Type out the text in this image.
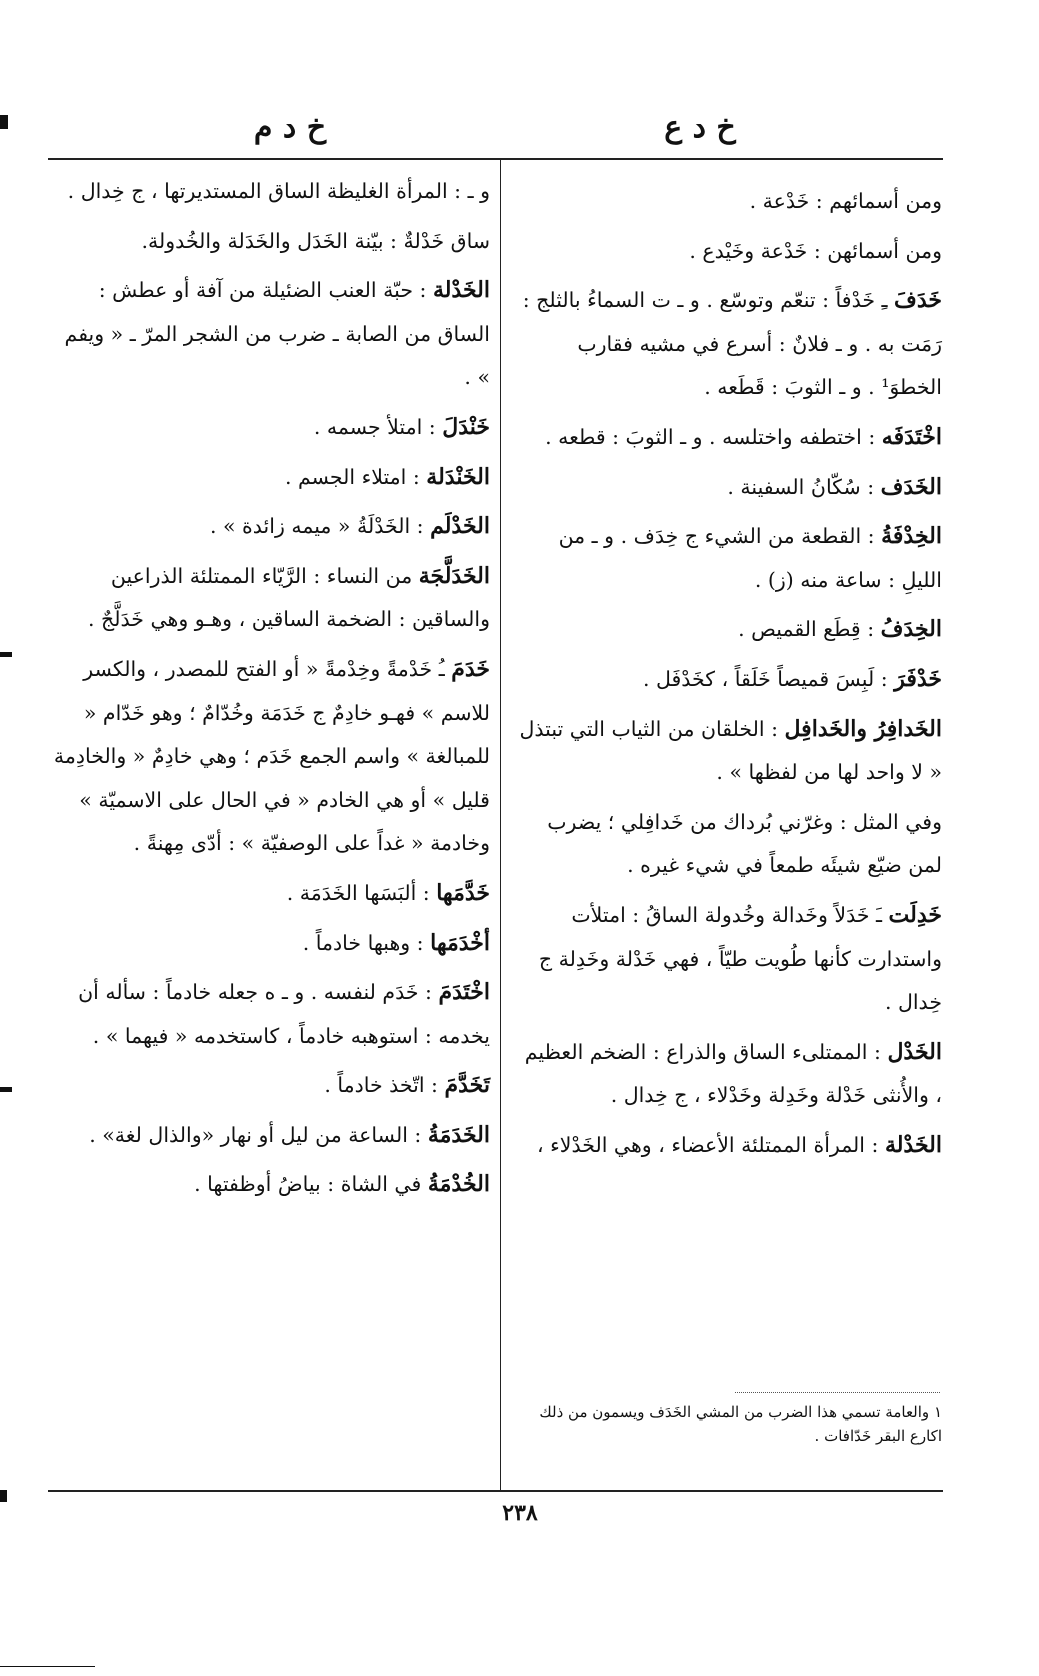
خ د ع
خ د م

ومن أسمائهم : خَدْعة .

ومن أسمائهن : خَدْعة وخَيْدع .

خَدَفَ ـِ خَدْفاً : تنعّم وتوسّع . و ـ ت السماءُ بالثلج : رَمَت به . و ـ فلانٌ : أسرع في مشيه فقارب الخطوَ¹ . و ـ الثوبَ : قَطَعه .

اخْتَدَفَه : اختطفه واختلسه . و ـ الثوبَ : قطعه .

الخَدَف : سُكّانُ السفينة .

الخِدْفَةُ : القطعة من الشيء ج خِدَف . و ـ من الليلِ : ساعة منه (ز) .

الخِدَفُ : قِطَع القميص .

خَدْفَرَ : لَبِسَ قميصاً خَلَقاً ، كخَدْفَل .

الخَدافِرُ والخَدافِل : الخلقان من الثياب التي تبتذل « لا واحد لها من لفظها » .

وفي المثل : وغرّني بُرداك من خَدافِلي ؛ يضرب لمن ضيّع شيئَه طمعاً في شيء غيره .

خَدِلَت ـَ خَدَلاً وخَدالة وخُدولة الساقُ : امتلأت واستدارت كأنها طُويت طيّاً ، فهي خَدْلة وخَدِلة ج خِدال .

الخَدْل : الممتلىء الساق والذراع : الضخم العظيم ، والأُنثى خَدْلة وخَدِلة وخَدْلاء ، ج خِدال .

الخَدْلة : المرأة الممتلئة الأعضاء ، وهي الخَدْلاء ،

و ـ : المرأة الغليظة الساق المستديرتها ، ج خِدال .

ساق خَدْلةٌ : بيّنة الخَدَل والخَدَلة والخُدولة.

الخَدْلة : حبّة العنب الضئيلة من آفة أو عطش : الساق من الصابة ـ ضرب من الشجر المرّ ـ « ويفم » .

خَنْدَلَ : امتلأ جسمه .

الخَنْدَلة : امتلاء الجسم .

الخَدْلَم : الخَدْلَةُ « ميمه زائدة » .

الخَدَلَّجَة من النساء : الرَّيّاء الممتلئة الذراعين والساقين : الضخمة الساقين ، وهـو وهي خَدَلَّجٌ .

خَدَمَ ـُ خَدْمةً وخِدْمةً « أو الفتح للمصدر ، والكسر للاسم » فهـو خادِمٌ ج خَدَمَة وخُدّامٌ ؛ وهو خَدّام « للمبالغة » واسم الجمع خَدَم ؛ وهي خادِمٌ « والخادِمة قليل » أو هي الخادم « في الحال على الاسميّة » وخادمة « غداً على الوصفيّة » : أدّى مِهنةً .

خَدَّمَها : ألبَسَها الخَدَمَة .

أخْدَمَها : وهبها خادماً .

اخْتَدَمَ : خَدَم لنفسه . و ـ ه جعله خادماً : سأله أن يخدمه : استوهبه خادماً ، كاستخدمه « فيهما » .

تَخَدَّمَ : اتّخذ خادماً .

الخَدَمَةُ : الساعة من ليل أو نهار «والذال لغة» .

الخُدْمَةُ في الشاة : بياضُ أوظفتها .

١ والعامة تسمي هذا الضرب من المشي الخَدَف ويسمون من ذلك اكارع البقر خَدّافات .
٢٣٨
